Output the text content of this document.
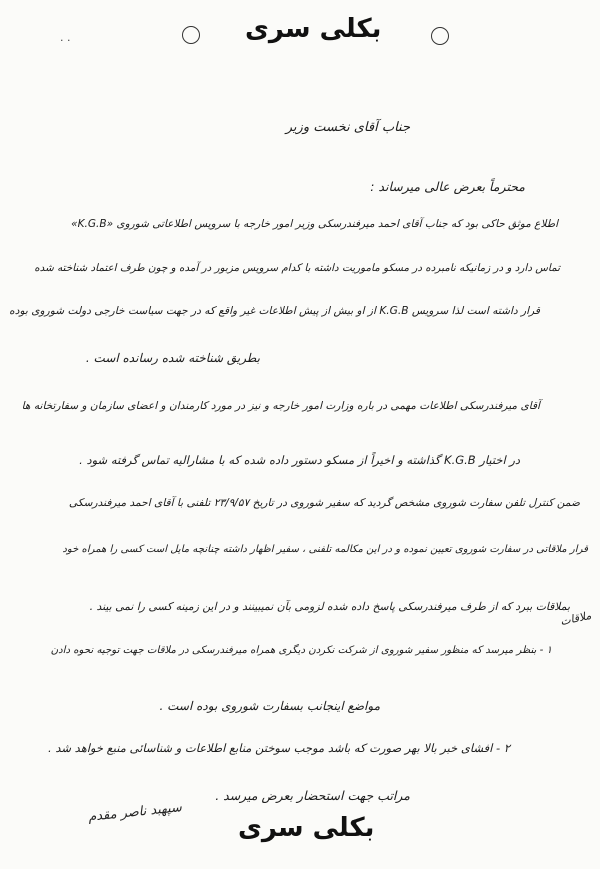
· ·	بکلی سری
جناب آقای نخست وزیر
محترماً بعرض عالی میرساند :
اطلاع موثق حاکی بود که جناب آقای احمد میرفندرسکی وزیر امور خارجه با سرویس اطلاعاتی شوروی «K.G.B»
تماس دارد و در زمانیکه نامبرده در مسکو ماموریت داشته با کدام سرویس مزبور در آمده و چون طرف اعتماد شناخته شده
قرار داشته است لذا سرویس K.G.B از او بیش از پیش اطلاعات غیر واقع که در جهت سیاست خارجی دولت شوروی بوده
بطریق شناخته شده رسانده است .
آقای میرفندرسکی اطلاعات مهمی در باره وزارت امور خارجه و نیز در مورد کارمندان و اعضای سازمان و سفارتخانه ها
در اختیار K.G.B گذاشته و اخیراً از مسکو دستور داده شده که با مشارالیه تماس گرفته شود .
ضمن کنترل تلفن سفارت شوروی مشخص گردید که سفیر شوروی در تاریخ ۲۳/۹/۵۷ تلفنی با آقای احمد میرفندرسکی
قرار ملاقاتی در سفارت شوروی تعیین نموده و در این مکالمه تلفنی ، سفیر اظهار داشته چنانچه مایل است کسی را همراه خود
بملاقات ببرد که از طرف میرفندرسکی پاسخ داده شده لزومی بآن نمیبینند و در این زمینه کسی را نمی بیند .
۱ - بنظر میرسد که منظور سفیر شوروی از شرکت نکردن دیگری همراه میرفندرسکی در ملاقات جهت توجیه نحوه دادن
مواضع اینجانب بسفارت شوروی بوده است .
۲ - افشای خبر بالا بهر صورت که باشد موجب سوختن منابع اطلاعات و شناسائی منبع خواهد شد .
ملاقات
مراتب جهت استحضار بعرض میرسد .
سپهبد ناصر مقدم
بکلی سری
